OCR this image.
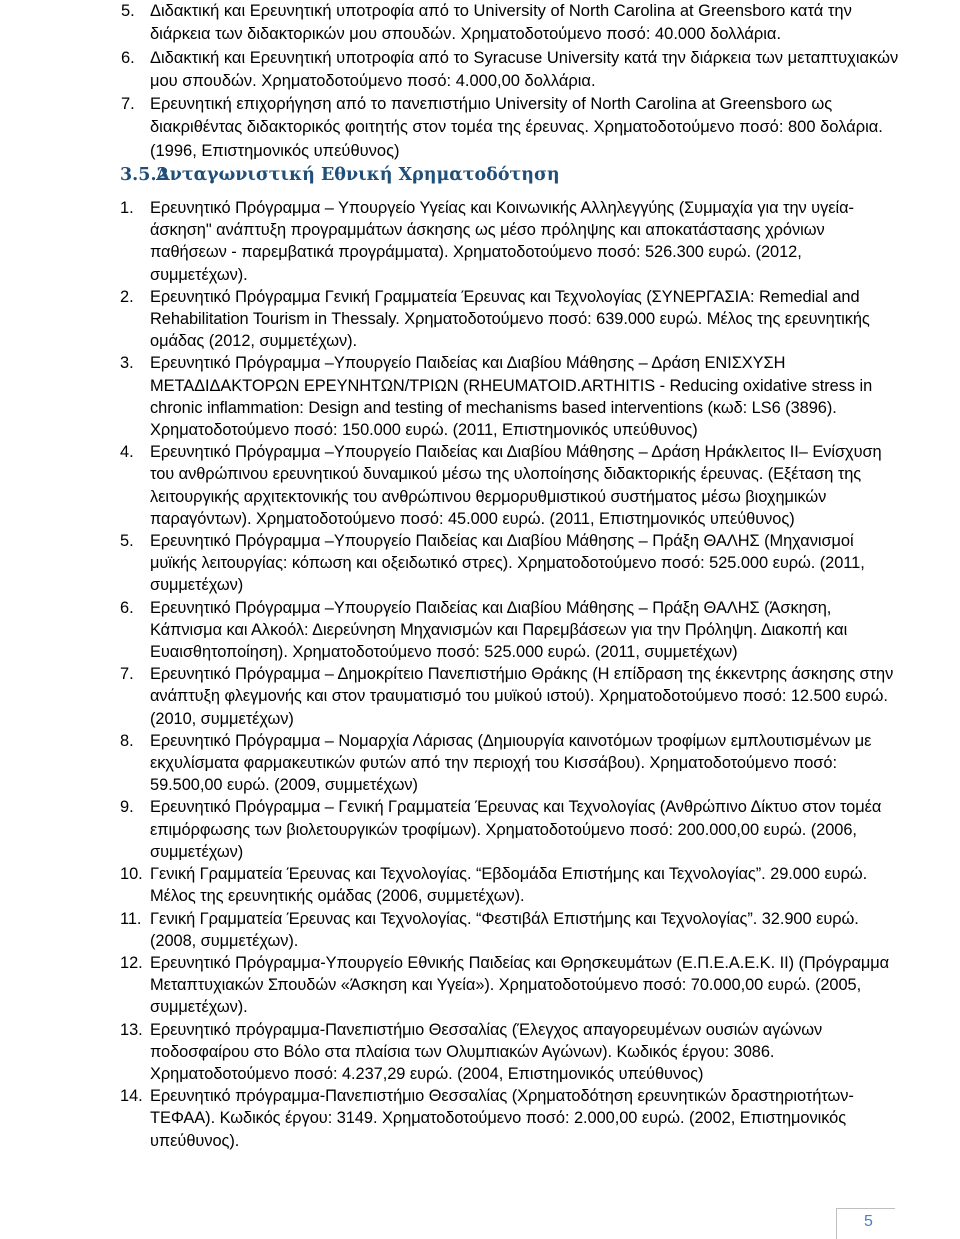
5. Διδακτική και Ερευνητική υποτροφία από το University of North Carolina at Greensboro κατά την διάρκεια των διδακτορικών μου σπουδών. Χρηματοδοτούμενο ποσό: 40.000 δολλάρια.
6. Διδακτική και Ερευνητική υποτροφία από το Syracuse University κατά την διάρκεια των μεταπτυχιακών μου σπουδών. Χρηματοδοτούμενο ποσό: 4.000,00 δολλάρια.
7. Ερευνητική επιχορήγηση από το πανεπιστήμιο University of North Carolina at Greensboro ως διακριθέντας διδακτορικός φοιτητής στον τομέα της έρευνας. Χρηματοδοτούμενο ποσό: 800 δολάρια. (1996, Επιστημονικός υπεύθυνος)
3.5.2 Ανταγωνιστική Εθνική Χρηματοδότηση
1.	Ερευνητικό Πρόγραμμα – Υπουργείο Υγείας και Κοινωνικής Αλληλεγγύης (Συμμαχία για την υγεία-άσκηση" ανάπτυξη προγραμμάτων άσκησης ως μέσο πρόληψης και αποκατάστασης χρόνιων παθήσεων - παρεμβατικά προγράμματα). Χρηματοδοτούμενο ποσό: 526.300 ευρώ. (2012, συμμετέχων).
2.	Ερευνητικό Πρόγραμμα Γενική Γραμματεία Έρευνας και Τεχνολογίας (ΣΥΝΕΡΓΑΣΙΑ: Remedial and Rehabilitation Tourism in Thessaly. Χρηματοδοτούμενο ποσό: 639.000 ευρώ. Μέλος της ερευνητικής ομάδας (2012, συμμετέχων).
3.	Ερευνητικό Πρόγραμμα –Υπουργείο Παιδείας και Διαβίου Μάθησης – Δράση ΕΝΙΣΧΥΣΗ ΜΕΤΑΔΙΔΑΚΤΟΡΩΝ ΕΡΕΥΝΗΤΩΝ/ΤΡΙΩΝ (RHEUMATOID.ARTHITIS - Reducing oxidative stress in chronic inflammation: Design and testing of mechanisms based interventions (κωδ: LS6 (3896). Χρηματοδοτούμενο ποσό: 150.000 ευρώ. (2011, Επιστημονικός υπεύθυνος)
4.	Ερευνητικό Πρόγραμμα –Υπουργείο Παιδείας και Διαβίου Μάθησης – Δράση Ηράκλειτος ΙΙ– Ενίσχυση του ανθρώπινου ερευνητικού δυναμικού μέσω της υλοποίησης διδακτορικής έρευνας. (Εξέταση της λειτουργικής αρχιτεκτονικής του ανθρώπινου θερμορυθμιστικού συστήματος μέσω βιοχημικών παραγόντων). Χρηματοδοτούμενο ποσό: 45.000 ευρώ. (2011, Επιστημονικός υπεύθυνος)
5.	Ερευνητικό Πρόγραμμα –Υπουργείο Παιδείας και Διαβίου Μάθησης – Πράξη ΘΑΛΗΣ (Μηχανισμοί μυϊκής λειτουργίας: κόπωση και οξειδωτικό στρες). Χρηματοδοτούμενο ποσό: 525.000 ευρώ. (2011, συμμετέχων)
6.	Ερευνητικό Πρόγραμμα –Υπουργείο Παιδείας και Διαβίου Μάθησης – Πράξη ΘΑΛΗΣ (Άσκηση, Κάπνισμα και Αλκοόλ: Διερεύνηση Μηχανισμών και Παρεμβάσεων για την Πρόληψη. Διακοπή και Ευαισθητοποίηση). Χρηματοδοτούμενο ποσό: 525.000 ευρώ. (2011, συμμετέχων)
7.	Ερευνητικό Πρόγραμμα – Δημοκρίτειο Πανεπιστήμιο Θράκης (Η επίδραση της έκκεντρης άσκησης στην ανάπτυξη φλεγμονής και στον τραυματισμό του μυϊκού ιστού). Χρηματοδοτούμενο ποσό: 12.500 ευρώ. (2010, συμμετέχων)
8.	Ερευνητικό Πρόγραμμα – Νομαρχία Λάρισας (Δημιουργία καινοτόμων τροφίμων εμπλουτισμένων με εκχυλίσματα φαρμακευτικών φυτών από την περιοχή του Κισσάβου). Χρηματοδοτούμενο ποσό: 59.500,00 ευρώ. (2009, συμμετέχων)
9.	Ερευνητικό Πρόγραμμα – Γενική Γραμματεία Έρευνας και Τεχνολογίας (Ανθρώπινο Δίκτυο στον τομέα επιμόρφωσης των βιολετουργικών τροφίμων). Χρηματοδοτούμενο ποσό: 200.000,00 ευρώ. (2006, συμμετέχων)
10. Γενική Γραμματεία Έρευνας και Τεχνολογίας. “Εβδομάδα Επιστήμης και Τεχνολογίας”. 29.000 ευρώ. Μέλος της ερευνητικής ομάδας (2006, συμμετέχων).
11. Γενική Γραμματεία Έρευνας και Τεχνολογίας. “Φεστιβάλ Επιστήμης και Τεχνολογίας”. 32.900 ευρώ. (2008, συμμετέχων).
12. Ερευνητικό Πρόγραμμα-Υπουργείο Εθνικής Παιδείας και Θρησκευμάτων (Ε.Π.Ε.Α.Ε.Κ. ΙΙ) (Πρόγραμμα Μεταπτυχιακών Σπουδών «Άσκηση και Υγεία»). Χρηματοδοτούμενο ποσό: 70.000,00 ευρώ. (2005, συμμετέχων).
13. Ερευνητικό πρόγραμμα-Πανεπιστήμιο Θεσσαλίας (Έλεγχος απαγορευμένων ουσιών αγώνων ποδοσφαίρου στο Βόλο στα πλαίσια των Ολυμπιακών Αγώνων). Κωδικός έργου: 3086. Χρηματοδοτούμενο ποσό: 4.237,29 ευρώ. (2004, Επιστημονικός υπεύθυνος)
14. Ερευνητικό πρόγραμμα-Πανεπιστήμιο Θεσσαλίας (Χρηματοδότηση ερευνητικών δραστηριοτήτων-ΤΕΦΑΑ). Κωδικός έργου: 3149. Χρηματοδοτούμενο ποσό: 2.000,00 ευρώ. (2002, Επιστημονικός υπεύθυνος).
5
